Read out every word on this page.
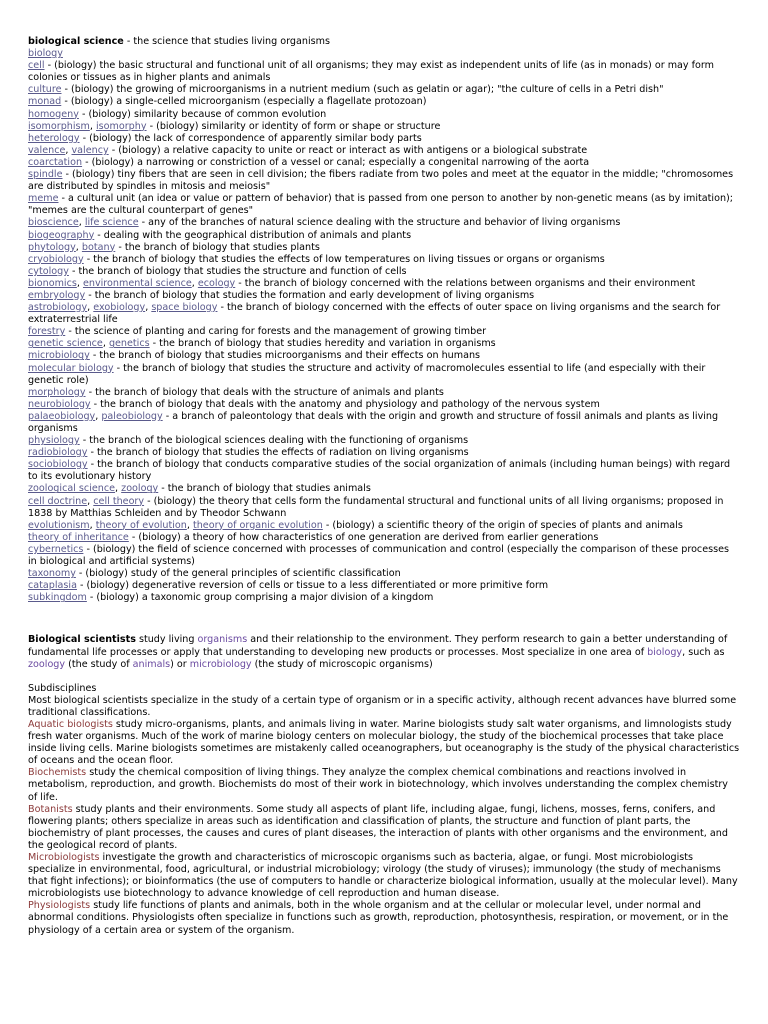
biological science - the science that studies living organisms
biology
cell - (biology) the basic structural and functional unit of all organisms; they may exist as independent units of life (as in monads) or may form colonies or tissues as in higher plants and animals
culture - (biology) the growing of microorganisms in a nutrient medium (such as gelatin or agar); "the culture of cells in a Petri dish"
monad - (biology) a single-celled microorganism (especially a flagellate protozoan)
homogeny - (biology) similarity because of common evolution
isomorphism, isomorphy - (biology) similarity or identity of form or shape or structure
heterology - (biology) the lack of correspondence of apparently similar body parts
valence, valency - (biology) a relative capacity to unite or react or interact as with antigens or a biological substrate
coarctation - (biology) a narrowing or constriction of a vessel or canal; especially a congenital narrowing of the aorta
spindle - (biology) tiny fibers that are seen in cell division; the fibers radiate from two poles and meet at the equator in the middle; "chromosomes are distributed by spindles in mitosis and meiosis"
meme - a cultural unit (an idea or value or pattern of behavior) that is passed from one person to another by non-genetic means (as by imitation); "memes are the cultural counterpart of genes"
bioscience, life science - any of the branches of natural science dealing with the structure and behavior of living organisms
biogeography - dealing with the geographical distribution of animals and plants
phytology, botany - the branch of biology that studies plants
cryobiology - the branch of biology that studies the effects of low temperatures on living tissues or organs or organisms
cytology - the branch of biology that studies the structure and function of cells
bionomics, environmental science, ecology - the branch of biology concerned with the relations between organisms and their environment
embryology - the branch of biology that studies the formation and early development of living organisms
astrobiology, exobiology, space biology - the branch of biology concerned with the effects of outer space on living organisms and the search for extraterrestrial life
forestry - the science of planting and caring for forests and the management of growing timber
genetic science, genetics - the branch of biology that studies heredity and variation in organisms
microbiology - the branch of biology that studies microorganisms and their effects on humans
molecular biology - the branch of biology that studies the structure and activity of macromolecules essential to life (and especially with their genetic role)
morphology - the branch of biology that deals with the structure of animals and plants
neurobiology - the branch of biology that deals with the anatomy and physiology and pathology of the nervous system
palaeobiology, paleobiology - a branch of paleontology that deals with the origin and growth and structure of fossil animals and plants as living organisms
physiology - the branch of the biological sciences dealing with the functioning of organisms
radiobiology - the branch of biology that studies the effects of radiation on living organisms
sociobiology - the branch of biology that conducts comparative studies of the social organization of animals (including human beings) with regard to its evolutionary history
zoological science, zoology - the branch of biology that studies animals
cell doctrine, cell theory - (biology) the theory that cells form the fundamental structural and functional units of all living organisms; proposed in 1838 by Matthias Schleiden and by Theodor Schwann
evolutionism, theory of evolution, theory of organic evolution - (biology) a scientific theory of the origin of species of plants and animals
theory of inheritance - (biology) a theory of how characteristics of one generation are derived from earlier generations
cybernetics - (biology) the field of science concerned with processes of communication and control (especially the comparison of these processes in biological and artificial systems)
taxonomy - (biology) study of the general principles of scientific classification
cataplasia - (biology) degenerative reversion of cells or tissue to a less differentiated or more primitive form
subkingdom - (biology) a taxonomic group comprising a major division of a kingdom
Biological scientists study living organisms and their relationship to the environment. They perform research to gain a better understanding of fundamental life processes or apply that understanding to developing new products or processes. Most specialize in one area of biology, such as zoology (the study of animals) or microbiology (the study of microscopic organisms)
Subdisciplines
Most biological scientists specialize in the study of a certain type of organism or in a specific activity, although recent advances have blurred some traditional classifications.
Aquatic biologists study micro-organisms, plants, and animals living in water. Marine biologists study salt water organisms, and limnologists study fresh water organisms. Much of the work of marine biology centers on molecular biology, the study of the biochemical processes that take place inside living cells. Marine biologists sometimes are mistakenly called oceanographers, but oceanography is the study of the physical characteristics of oceans and the ocean floor.
Biochemists study the chemical composition of living things. They analyze the complex chemical combinations and reactions involved in metabolism, reproduction, and growth. Biochemists do most of their work in biotechnology, which involves understanding the complex chemistry of life.
Botanists study plants and their environments. Some study all aspects of plant life, including algae, fungi, lichens, mosses, ferns, conifers, and flowering plants; others specialize in areas such as identification and classification of plants, the structure and function of plant parts, the biochemistry of plant processes, the causes and cures of plant diseases, the interaction of plants with other organisms and the environment, and the geological record of plants.
Microbiologists investigate the growth and characteristics of microscopic organisms such as bacteria, algae, or fungi. Most microbiologists specialize in environmental, food, agricultural, or industrial microbiology; virology (the study of viruses); immunology (the study of mechanisms that fight infections); or bioinformatics (the use of computers to handle or characterize biological information, usually at the molecular level). Many microbiologists use biotechnology to advance knowledge of cell reproduction and human disease.
Physiologists study life functions of plants and animals, both in the whole organism and at the cellular or molecular level, under normal and abnormal conditions. Physiologists often specialize in functions such as growth, reproduction, photosynthesis, respiration, or movement, or in the physiology of a certain area or system of the organism.
